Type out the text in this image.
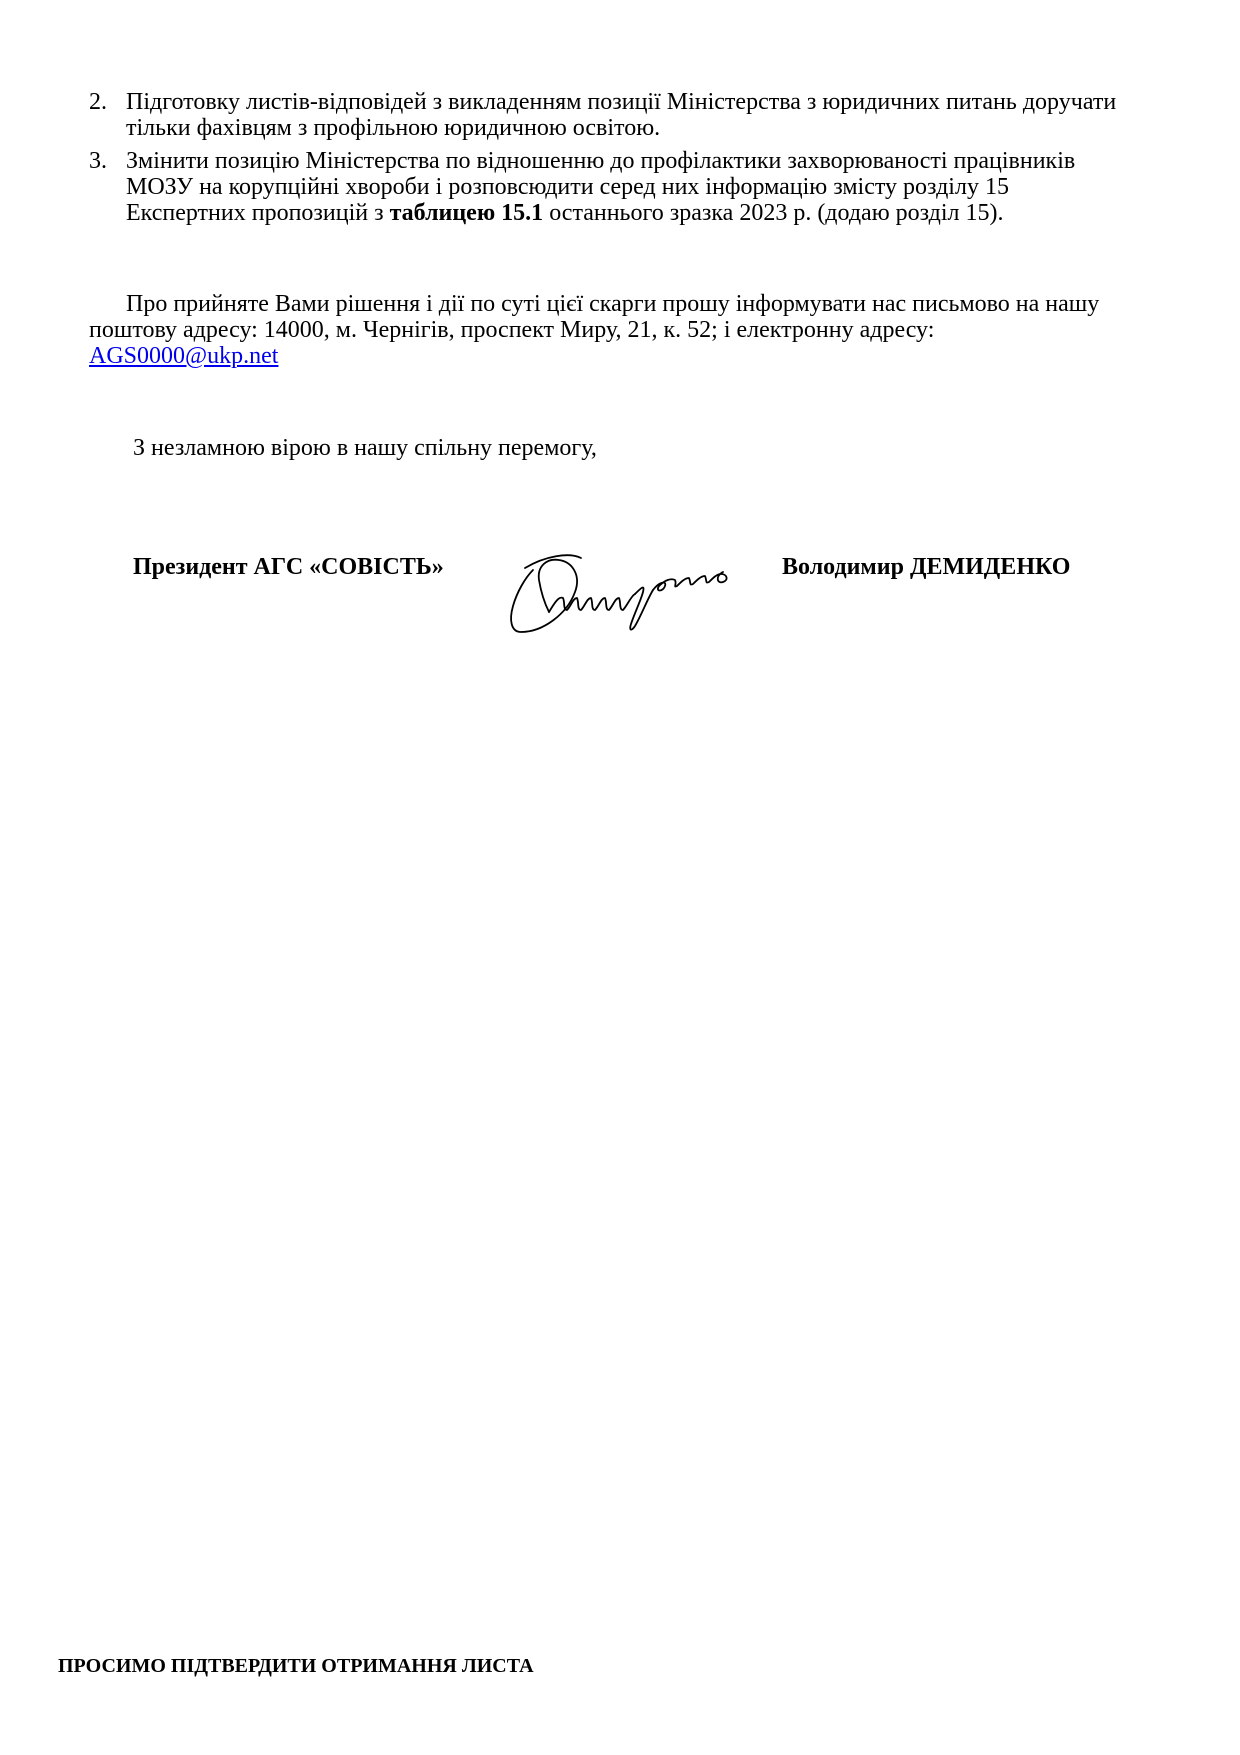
2. Підготовку листів-відповідей з викладенням позиції Міністерства з юридичних питань доручати
тільки фахівцям з профільною юридичною освітою.
3. Змінити позицію Міністерства по відношенню до профілактики захворюваності працівників
МОЗУ на корупційні хвороби і розповсюдити серед них інформацію змісту розділу 15
Експертних пропозицій з таблицею 15.1 останнього зразка 2023 р. (додаю розділ 15).
Про прийняте Вами рішення і дії по суті цієї скарги прошу інформувати нас письмово на нашу
поштову адресу: 14000, м. Чернігів, проспект Миру, 21, к. 52; і електронну адресу:
AGS0000@ukp.net
З незламною вірою в нашу спільну перемогу,
Президент АГС «СОВІСТЬ»	Володимир ДЕМИДЕНКО
ПРОСИМО ПІДТВЕРДИТИ ОТРИМАННЯ ЛИСТА
